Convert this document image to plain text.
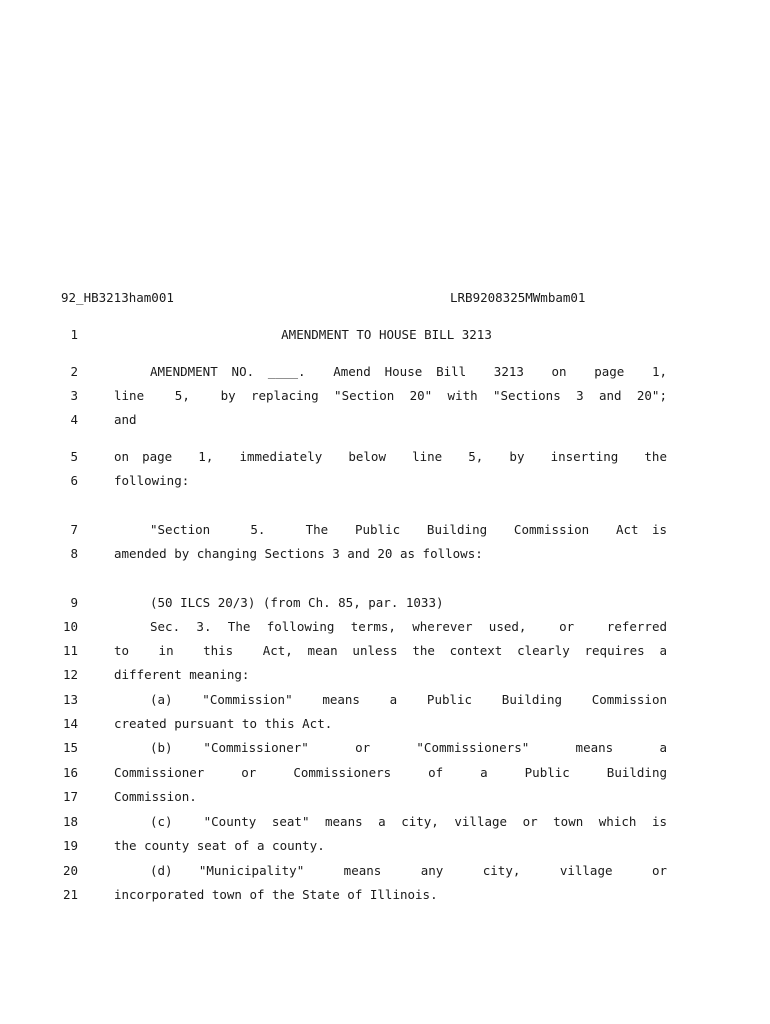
92_HB3213ham001	LRB9208325MWmbam01
1	AMENDMENT TO HOUSE BILL 3213
2	AMENDMENT NO. ____.  Amend House Bill  3213  on  page  1,
3	line  5,  by replacing "Section 20" with "Sections 3 and 20";
4	and
5	on page  1,  immediately  below  line  5,  by  inserting  the
6	following:
7	"Section   5.   The  Public  Building  Commission  Act is
8	amended by changing Sections 3 and 20 as follows:
9	(50 ILCS 20/3) (from Ch. 85, par. 1033)
10	Sec. 3. The following terms, wherever used,  or  referred
11	to  in  this  Act, mean unless the context clearly requires a
12	different meaning:
13	(a)  "Commission"  means  a  Public  Building  Commission
14	created pursuant to this Act.
15	(b)  "Commissioner"   or   "Commissioners"   means   a
16	Commissioner   or   Commissioners   of   a   Public   Building
17	Commission.
18	(c)  "County seat" means a city, village or town which is
19	the county seat of a county.
20	(d)  "Municipality"   means   any   city,   village   or
21	incorporated town of the State of Illinois.
